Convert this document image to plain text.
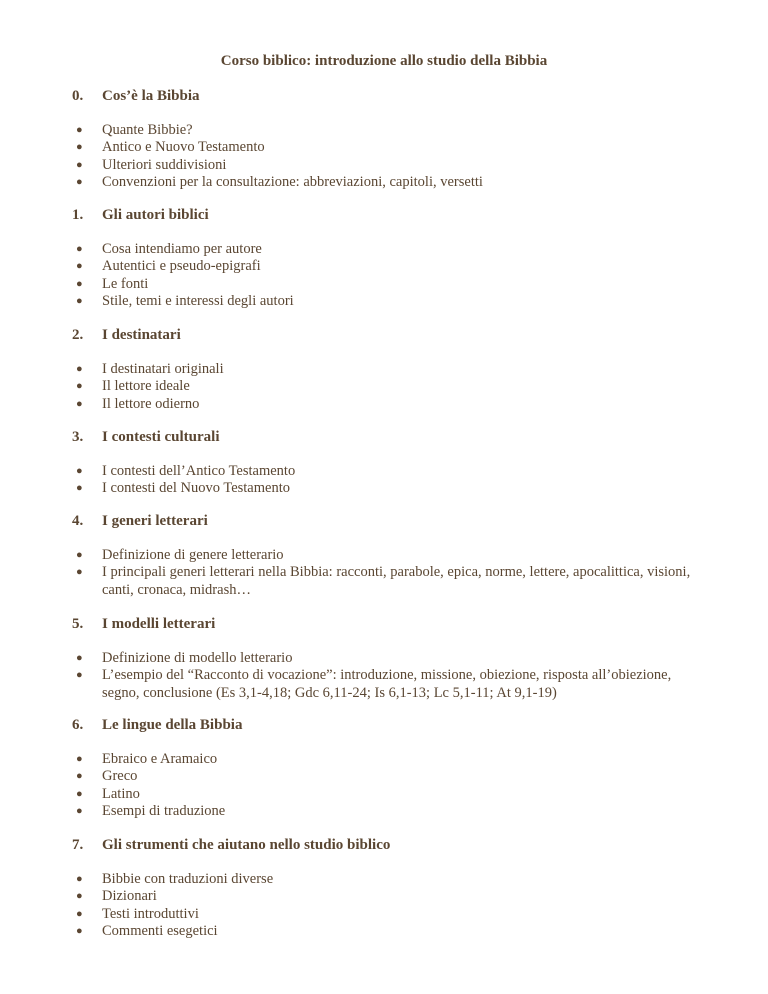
Corso biblico: introduzione allo studio della Bibbia
0. Cos’è la Bibbia
● Quante Bibbie?
● Antico e Nuovo Testamento
● Ulteriori suddivisioni
● Convenzioni per la consultazione: abbreviazioni, capitoli, versetti
1. Gli autori biblici
● Cosa intendiamo per autore
● Autentici e pseudo-epigrafi
● Le fonti
● Stile, temi e interessi degli autori
2. I destinatari
● I destinatari originali
● Il lettore ideale
● Il lettore odierno
3. I contesti culturali
● I contesti dell’Antico Testamento
● I contesti del Nuovo Testamento
4. I generi letterari
● Definizione di genere letterario
● I principali generi letterari nella Bibbia: racconti, parabole, epica, norme, lettere, apocalittica, visioni, canti, cronaca, midrash…
5. I modelli letterari
● Definizione di modello letterario
● L’esempio del “Racconto di vocazione”: introduzione, missione, obiezione, risposta all’obiezione, segno, conclusione (Es 3,1-4,18; Gdc 6,11-24; Is 6,1-13; Lc 5,1-11; At 9,1-19)
6. Le lingue della Bibbia
● Ebraico e Aramaico
● Greco
● Latino
● Esempi di traduzione
7. Gli strumenti che aiutano nello studio biblico
● Bibbie con traduzioni diverse
● Dizionari
● Testi introduttivi
● Commenti esegetici
